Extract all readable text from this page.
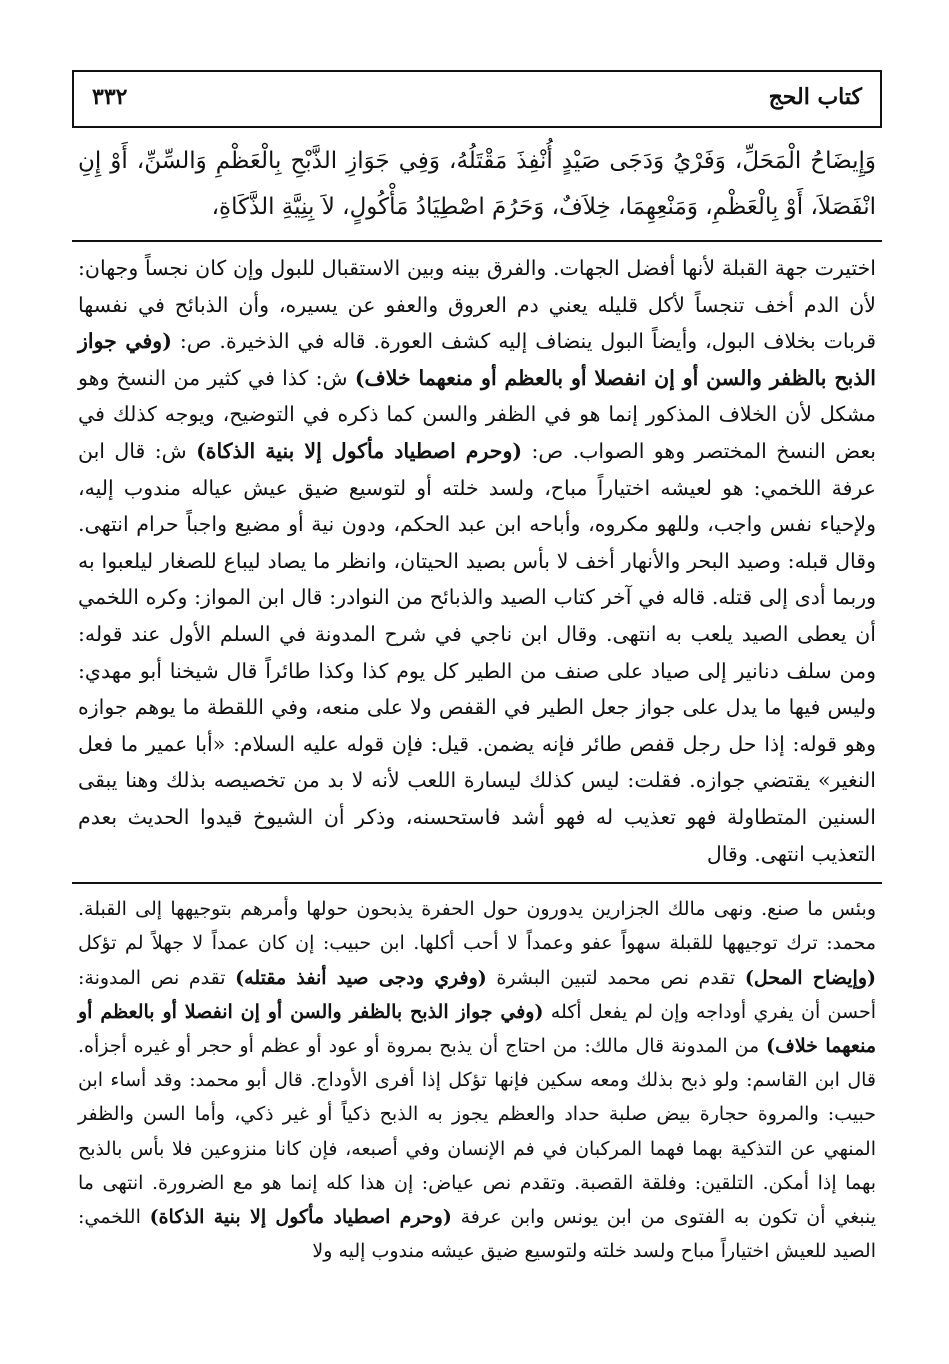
٣٣٢	كتاب الحج

وَإِيضَاحُ الْمَحَلِّ، وَفَرْيُ وَدَجَى صَيْدٍ أُنْفِذَ مَقْتَلُهُ، وَفِي جَوَازِ الذَّبْحِ بِالْعَظْمِ وَالسِّنِّ، أَوْ إِنِ انْفَصَلاَ، أَوْ بِالْعَظْمِ، وَمَنْعِهِمَا، خِلاَفٌ، وَحَرُمَ اصْطِيَادُ مَأْكُولٍ، لاَ بِنِيَّةِ الذَّكَاةِ،

اختيرت جهة القبلة لأنها أفضل الجهات. والفرق بينه وبين الاستقبال للبول وإن كان نجساً وجهان: لأن الدم أخف تنجساً لأكل قليله يعني دم العروق والعفو عن يسيره، وأن الذبائح في نفسها قربات بخلاف البول، وأيضاً البول ينضاف إليه كشف العورة. قاله في الذخيرة. ص: (وفي جواز الذبح بالظفر والسن أو إن انفصلا أو بالعظم أو منعهما خلاف) ش: كذا في كثير من النسخ وهو مشكل لأن الخلاف المذكور إنما هو في الظفر والسن كما ذكره في التوضيح، ويوجه كذلك في بعض النسخ المختصر وهو الصواب. ص: (وحرم اصطياد مأكول إلا بنية الذكاة) ش: قال ابن عرفة اللخمي: هو لعيشه اختياراً مباح، ولسد خلته أو لتوسيع ضيق عيش عياله مندوب إليه، ولإحياء نفس واجب، وللهو مكروه، وأباحه ابن عبد الحكم، ودون نية أو مضيع واجباً حرام انتهى. وقال قبله: وصيد البحر والأنهار أخف لا بأس بصيد الحيتان، وانظر ما يصاد ليباع للصغار ليلعبوا به وربما أدى إلى قتله. قاله في آخر كتاب الصيد والذبائح من النوادر: قال ابن المواز: وكره اللخمي أن يعطى الصيد يلعب به انتهى. وقال ابن ناجي في شرح المدونة في السلم الأول عند قوله: ومن سلف دنانير إلى صياد على صنف من الطير كل يوم كذا وكذا طائراً قال شيخنا أبو مهدي: وليس فيها ما يدل على جواز جعل الطير في القفص ولا على منعه، وفي اللقطة ما يوهم جوازه وهو قوله: إذا حل رجل قفص طائر فإنه يضمن. قيل: فإن قوله عليه السلام: «أبا عمير ما فعل النغير» يقتضي جوازه. فقلت: ليس كذلك ليسارة اللعب لأنه لا بد من تخصيصه بذلك وهنا يبقى السنين المتطاولة فهو تعذيب له فهو أشد فاستحسنه، وذكر أن الشيوخ قيدوا الحديث بعدم التعذيب انتهى. وقال

وبئس ما صنع. ونهى مالك الجزارين يدورون حول الحفرة يذبحون حولها وأمرهم بتوجيهها إلى القبلة. محمد: ترك توجيهها للقبلة سهواً عفو وعمداً لا أحب أكلها. ابن حبيب: إن كان عمداً لا جهلاً لم تؤكل (وإيضاح المحل) تقدم نص محمد لتبين البشرة (وفري ودجى صيد أنفذ مقتله) تقدم نص المدونة: أحسن أن يفري أوداجه وإن لم يفعل أكله (وفي جواز الذبح بالظفر والسن أو إن انفصلا أو بالعظم أو منعهما خلاف) من المدونة قال مالك: من احتاج أن يذبح بمروة أو عود أو عظم أو حجر أو غيره أجزأه. قال ابن القاسم: ولو ذبح بذلك ومعه سكين فإنها تؤكل إذا أفرى الأوداج. قال أبو محمد: وقد أساء ابن حبيب: والمروة حجارة بيض صلبة حداد والعظم يجوز به الذبح ذكياً أو غير ذكي، وأما السن والظفر المنهي عن التذكية بهما فهما المركبان في فم الإنسان وفي أصبعه، فإن كانا منزوعين فلا بأس بالذبح بهما إذا أمكن. التلقين: وفلقة القصبة. وتقدم نص عياض: إن هذا كله إنما هو مع الضرورة. انتهى ما ينبغي أن تكون به الفتوى من ابن يونس وابن عرفة (وحرم اصطياد مأكول إلا بنية الذكاة) اللخمي: الصيد للعيش اختياراً مباح ولسد خلته ولتوسيع ضيق عيشه مندوب إليه ولا
